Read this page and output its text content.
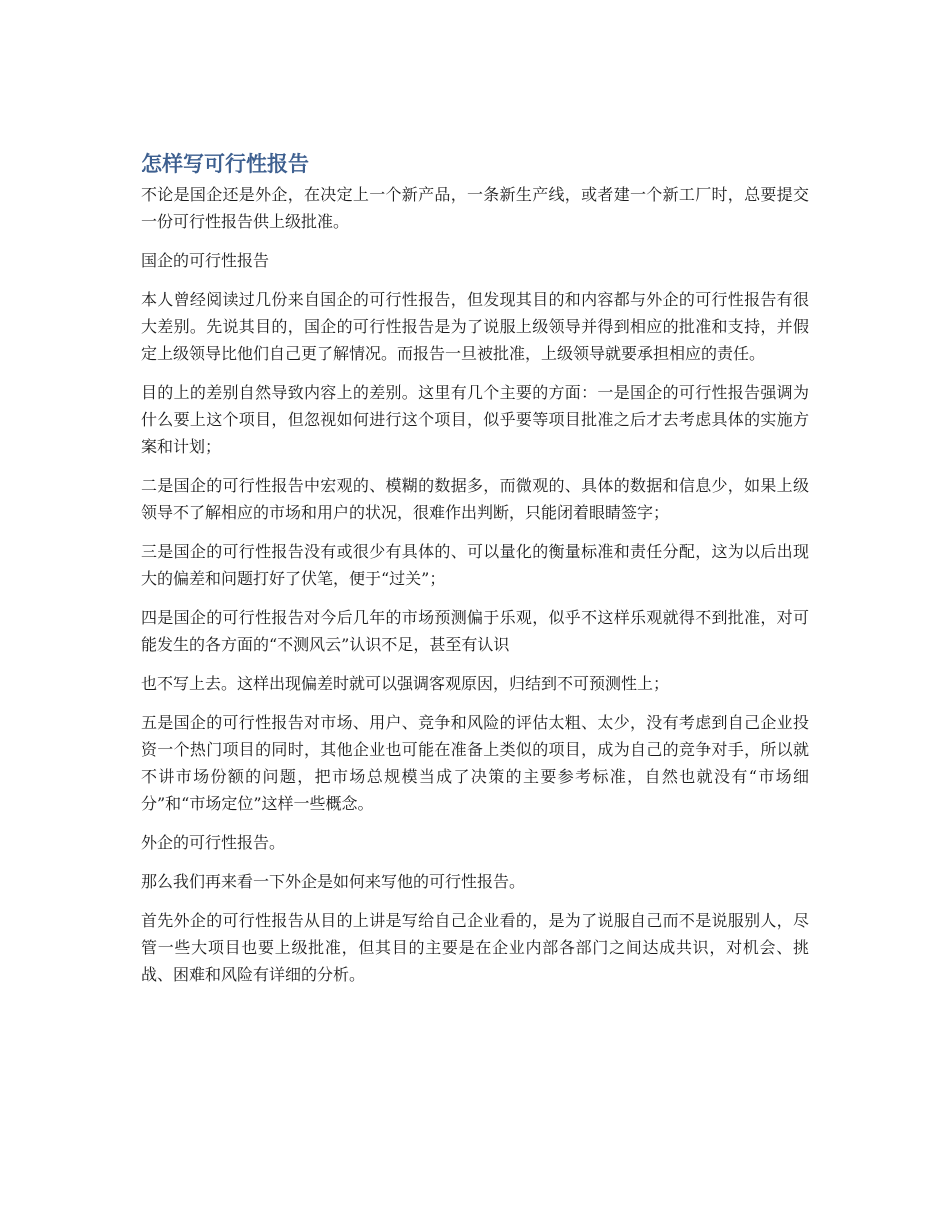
怎样写可行性报告

不论是国企还是外企，在决定上一个新产品，一条新生产线，或者建一个新工厂时，总要提交一份可行性报告供上级批准。

国企的可行性报告

本人曾经阅读过几份来自国企的可行性报告，但发现其目的和内容都与外企的可行性报告有很大差别。先说其目的，国企的可行性报告是为了说服上级领导并得到相应的批准和支持，并假定上级领导比他们自己更了解情况。而报告一旦被批准，上级领导就要承担相应的责任。

目的上的差别自然导致内容上的差别。这里有几个主要的方面：一是国企的可行性报告强调为什么要上这个项目，但忽视如何进行这个项目，似乎要等项目批准之后才去考虑具体的实施方案和计划；

二是国企的可行性报告中宏观的、模糊的数据多，而微观的、具体的数据和信息少，如果上级领导不了解相应的市场和用户的状况，很难作出判断，只能闭着眼睛签字；

三是国企的可行性报告没有或很少有具体的、可以量化的衡量标准和责任分配，这为以后出现大的偏差和问题打好了伏笔，便于“过关”；

四是国企的可行性报告对今后几年的市场预测偏于乐观，似乎不这样乐观就得不到批准，对可能发生的各方面的“不测风云”认识不足，甚至有认识

也不写上去。这样出现偏差时就可以强调客观原因，归结到不可预测性上；

五是国企的可行性报告对市场、用户、竞争和风险的评估太粗、太少，没有考虑到自己企业投资一个热门项目的同时，其他企业也可能在准备上类似的项目，成为自己的竞争对手，所以就不讲市场份额的问题，把市场总规模当成了决策的主要参考标准，自然也就没有“市场细分”和“市场定位”这样一些概念。

外企的可行性报告。

那么我们再来看一下外企是如何来写他的可行性报告。

首先外企的可行性报告从目的上讲是写给自己企业看的，是为了说服自己而不是说服别人，尽管一些大项目也要上级批准，但其目的主要是在企业内部各部门之间达成共识，对机会、挑战、困难和风险有详细的分析。
